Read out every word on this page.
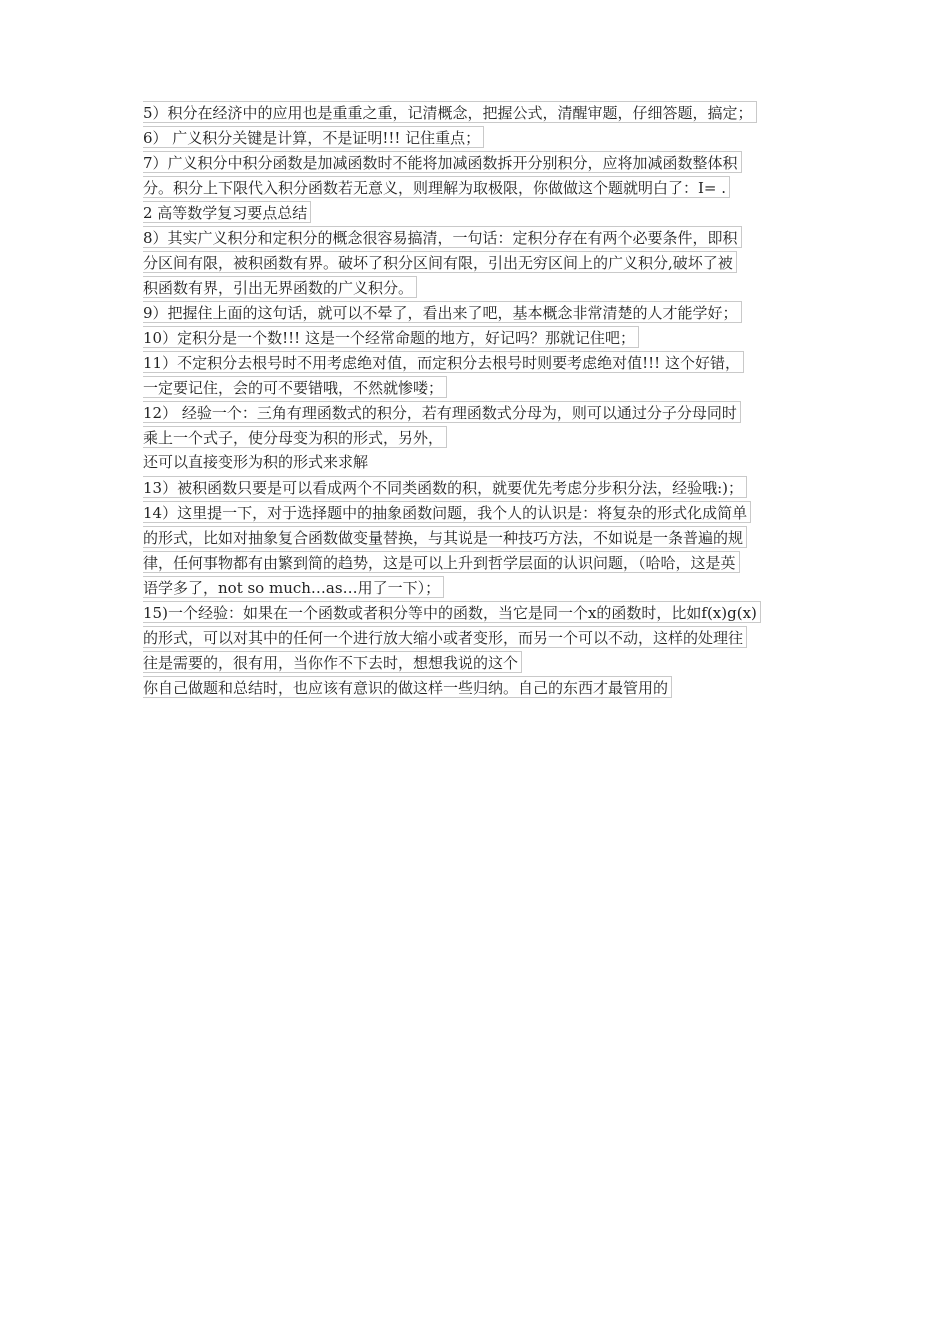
5）积分在经济中的应用也是重重之重，记清概念，把握公式，清醒审题，仔细答题，搞定；
6） 广义积分关键是计算，不是证明!!! 记住重点；
7）广义积分中积分函数是加减函数时不能将加减函数拆开分别积分，应将加减函数整体积
分。积分上下限代入积分函数若无意义，则理解为取极限，你做做这个题就明白了：I= .
2 高等数学复习要点总结
8）其实广义积分和定积分的概念很容易搞清，一句话：定积分存在有两个必要条件，即积
分区间有限，被积函数有界。破坏了积分区间有限，引出无穷区间上的广义积分,破坏了被
积函数有界，引出无界函数的广义积分。
9）把握住上面的这句话，就可以不晕了，看出来了吧，基本概念非常清楚的人才能学好；
10）定积分是一个数!!! 这是一个经常命题的地方，好记吗？那就记住吧；
11）不定积分去根号时不用考虑绝对值，而定积分去根号时则要考虑绝对值!!! 这个好错，
一定要记住，会的可不要错哦，不然就惨喽；
12） 经验一个：三角有理函数式的积分，若有理函数式分母为，则可以通过分子分母同时
乘上一个式子，使分母变为积的形式，另外，
还可以直接变形为积的形式来求解
13）被积函数只要是可以看成两个不同类函数的积，就要优先考虑分步积分法，经验哦:)；
14）这里提一下，对于选择题中的抽象函数问题，我个人的认识是：将复杂的形式化成简单
的形式，比如对抽象复合函数做变量替换，与其说是一种技巧方法，不如说是一条普遍的规
律，任何事物都有由繁到简的趋势，这是可以上升到哲学层面的认识问题，（哈哈，这是英
语学多了，not so much…as…用了一下）；
15)一个经验：如果在一个函数或者积分等中的函数，当它是同一个x的函数时，比如f(x)g(x)
的形式，可以对其中的任何一个进行放大缩小或者变形，而另一个可以不动，这样的处理往
往是需要的，很有用，当你作不下去时，想想我说的这个
你自己做题和总结时，也应该有意识的做这样一些归纳。自己的东西才最管用的
